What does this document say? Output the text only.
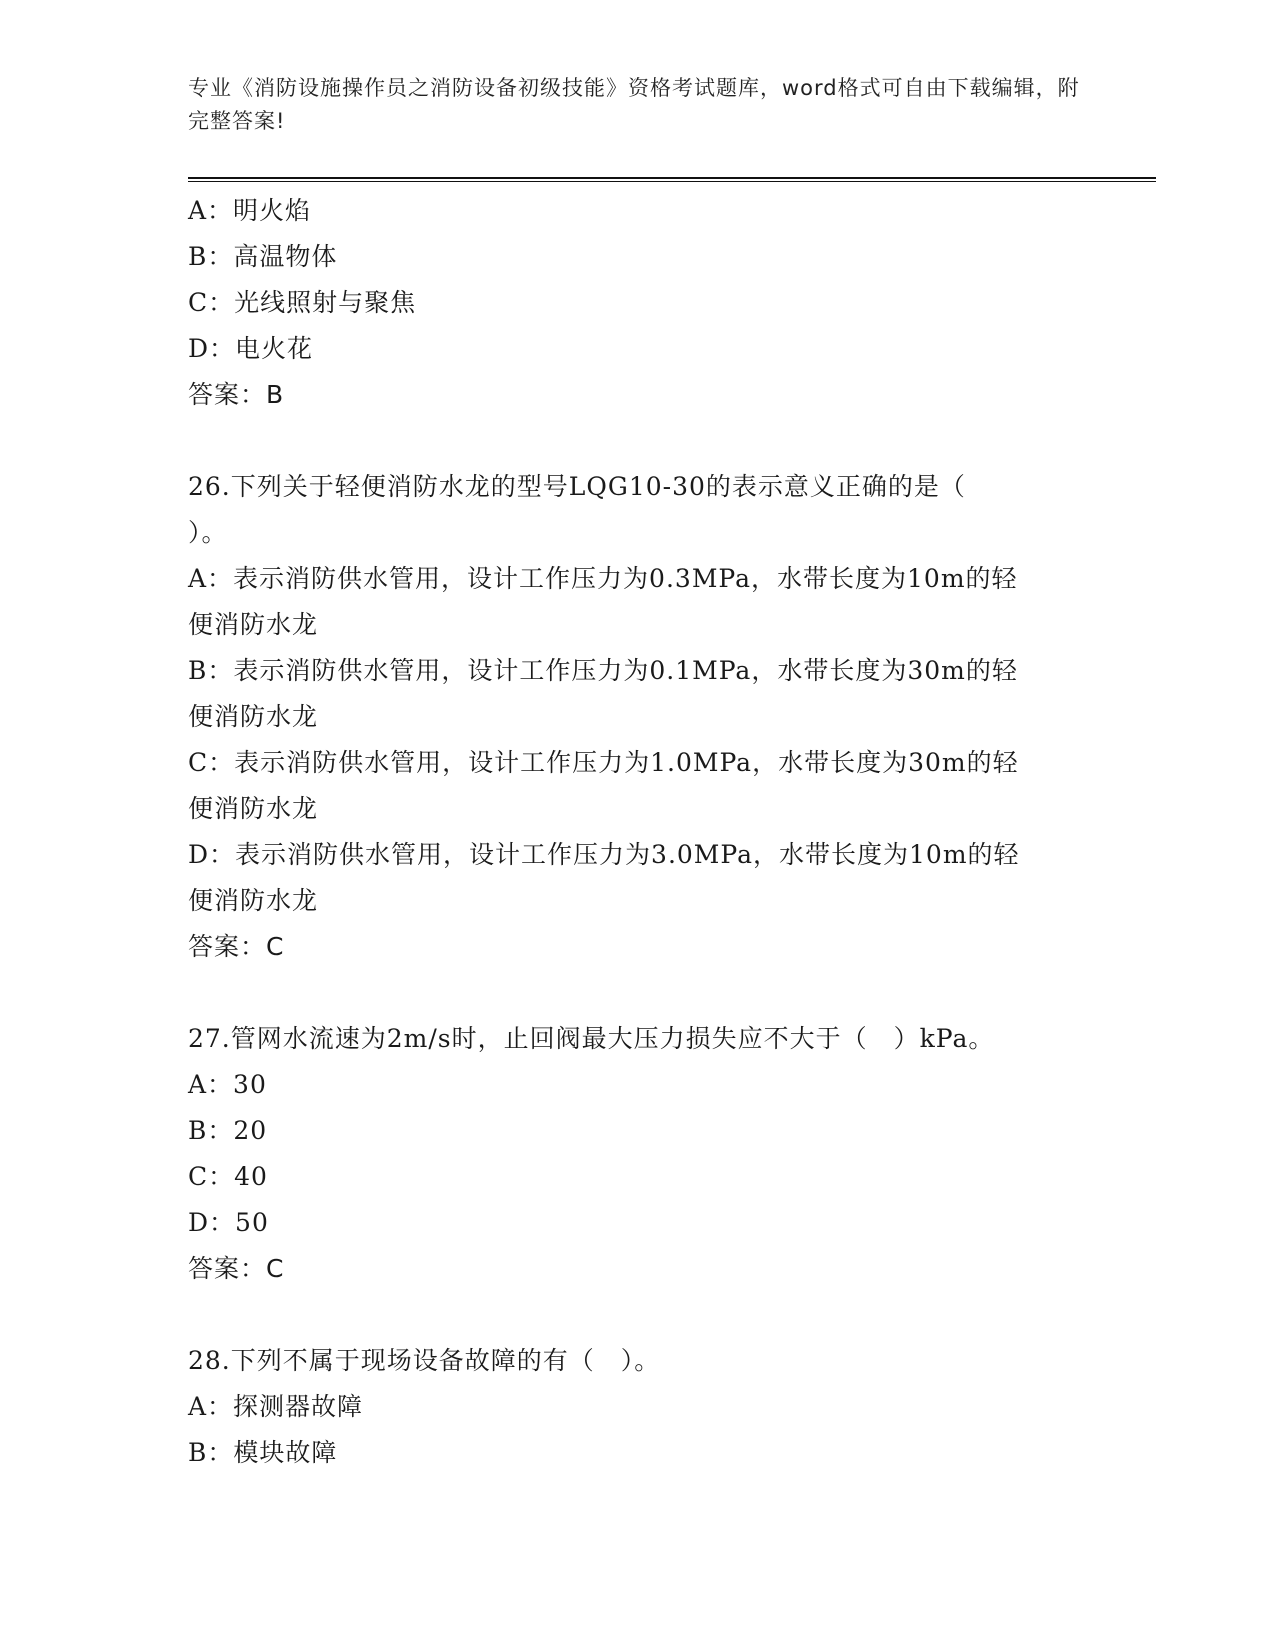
专业《消防设施操作员之消防设备初级技能》资格考试题库，word格式可自由下载编辑，附完整答案!
A：明火焰
B：高温物体
C：光线照射与聚焦
D：电火花
答案：B
26.下列关于轻便消防水龙的型号LQG10-30的表示意义正确的是（
）。
A：表示消防供水管用，设计工作压力为0.3MPa，水带长度为10m的轻
便消防水龙
B：表示消防供水管用，设计工作压力为0.1MPa，水带长度为30m的轻
便消防水龙
C：表示消防供水管用，设计工作压力为1.0MPa，水带长度为30m的轻
便消防水龙
D：表示消防供水管用，设计工作压力为3.0MPa，水带长度为10m的轻
便消防水龙
答案：C
27.管网水流速为2m/s时，止回阀最大压力损失应不大于（　）kPa。
A：30
B：20
C：40
D：50
答案：C
28.下列不属于现场设备故障的有（　）。
A：探测器故障
B：模块故障
